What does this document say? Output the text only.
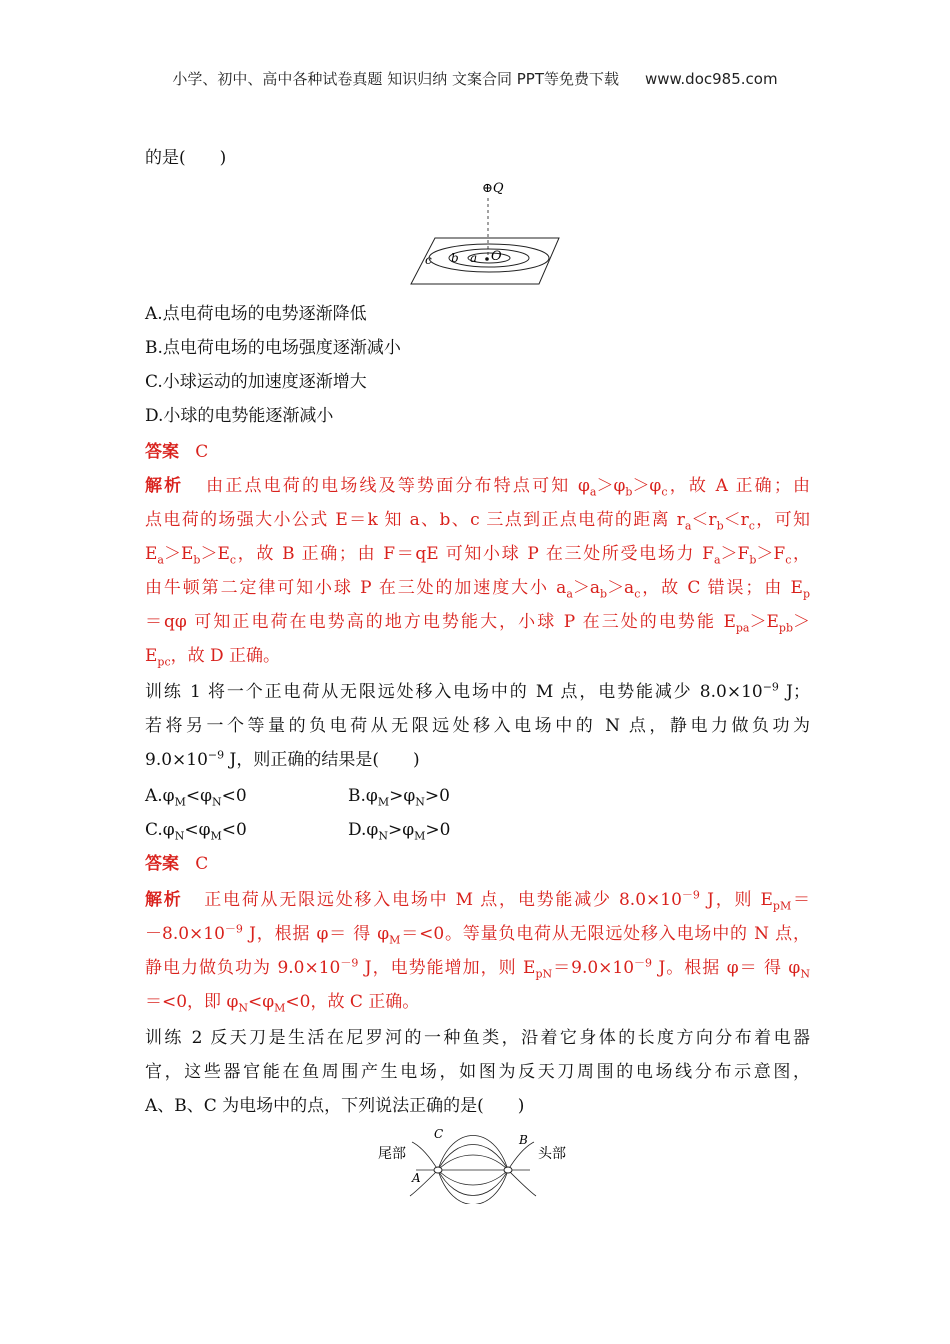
小学、初中、高中各种试卷真题 知识归纳 文案合同 PPT等免费下载 www.doc985.com
的是(　　)
⊕Q
O
a
b
c
A.点电荷电场的电势逐渐降低
B.点电荷电场的电场强度逐渐减小
C.小球运动的加速度逐渐增大
D.小球的电势能逐渐减小
答案 C
解析 由正点电荷的电场线及等势面分布特点可知 $\varphi_a>\varphi_b>\varphi_c$，故 A 正确；由
点电荷的场强大小公式 E＝k 知 a、b、c 三点到正点电荷的距离 $r_a<r_b<r_c$，可知
$E_a>E_b>E_c$，故 B 正确；由 F＝qE 可知小球 P 在三处所受电场力 $F_a>F_b>F_c$，
由牛顿第二定律可知小球 P 在三处的加速度大小 $a_a>a_b>a_c$，故 C 错误；由 $E_p$
＝qφ 可知正电荷在电势高的地方电势能大，小球 P 在三处的电势能 $E_{pa}>E_{pb}>$
$E_{pc}$，故 D 正确。
训练 1 将一个正电荷从无限远处移入电场中的 M 点，电势能减少 $8.0\times 10^{-9}$ J；
若将另一个等量的负电荷从无限远处移入电场中的 N 点，静电力做负功为
$9.0\times 10^{-9}$ J，则正确的结果是(　　)
$A.\varphi_M<\varphi_N<0$	$B.\varphi_M>\varphi_N>0$
$C.\varphi_N<\varphi_M<0$	$D.\varphi_N>\varphi_M>0$
答案 C
解析 正电荷从无限远处移入电场中 M 点，电势能减少 $8.0\times 10^{-9}$ J，则 $E_{pM}=$
$-8.0\times 10^{-9}$ J，根据 φ＝ 得 $\varphi_M=<0$。等量负电荷从无限远处移入电场中的 N 点，
静电力做负功为 $9.0\times 10^{-9}$ J，电势能增加，则 $E_{pN}=9.0\times 10^{-9}$ J。根据 φ＝ 得 $\varphi_N$
＝<0，即 $\varphi_N<\varphi_M<0$，故 C 正确。
训练 2 反天刀是生活在尼罗河的一种鱼类，沿着它身体的长度方向分布着电器
官，这些器官能在鱼周围产生电场，如图为反天刀周围的电场线分布示意图，
A、B、C 为电场中的点，下列说法正确的是(　　)
尾部	头部
A
B
C
